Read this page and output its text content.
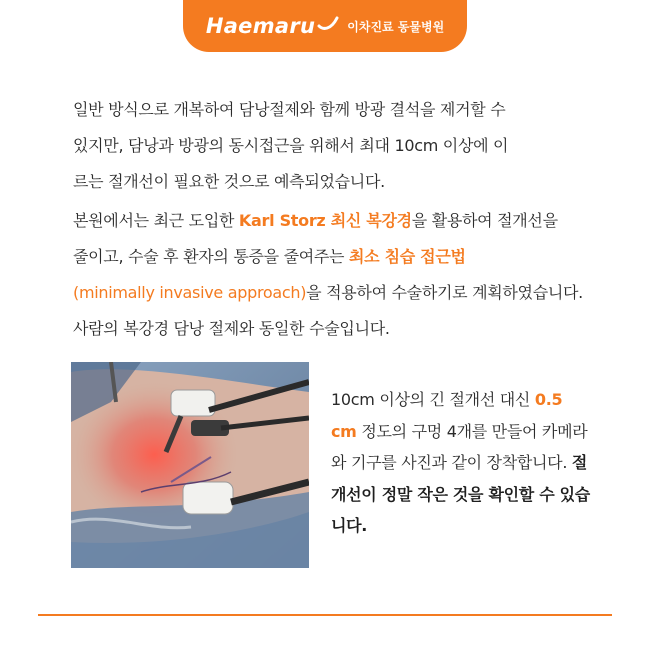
Haemaru	이차진료 동물병원
일반 방식으로 개복하여 담낭절제와 함께 방광 결석을 제거할 수
있지만, 담낭과 방광의 동시접근을 위해서 최대 10cm 이상에 이
르는 절개선이 필요한 것으로 예측되었습니다.
본원에서는 최근 도입한 Karl Storz 최신 복강경을 활용하여 절개선을 줄이고, 수술 후 환자의 통증을 줄여주는 최소 침습 접근법
(minimally invasive approach)을 적용하여 수술하기로 계획하였습니다. 사람의 복강경 담낭 절제와 동일한 수술입니다.
10cm 이상의 긴 절개선 대신 0.5 cm 정도의 구멍 4개를 만들어 카메라와 기구를 사진과 같이 장착합니다. 절개선이 정말 작은 것을 확인할 수 있습니다.
